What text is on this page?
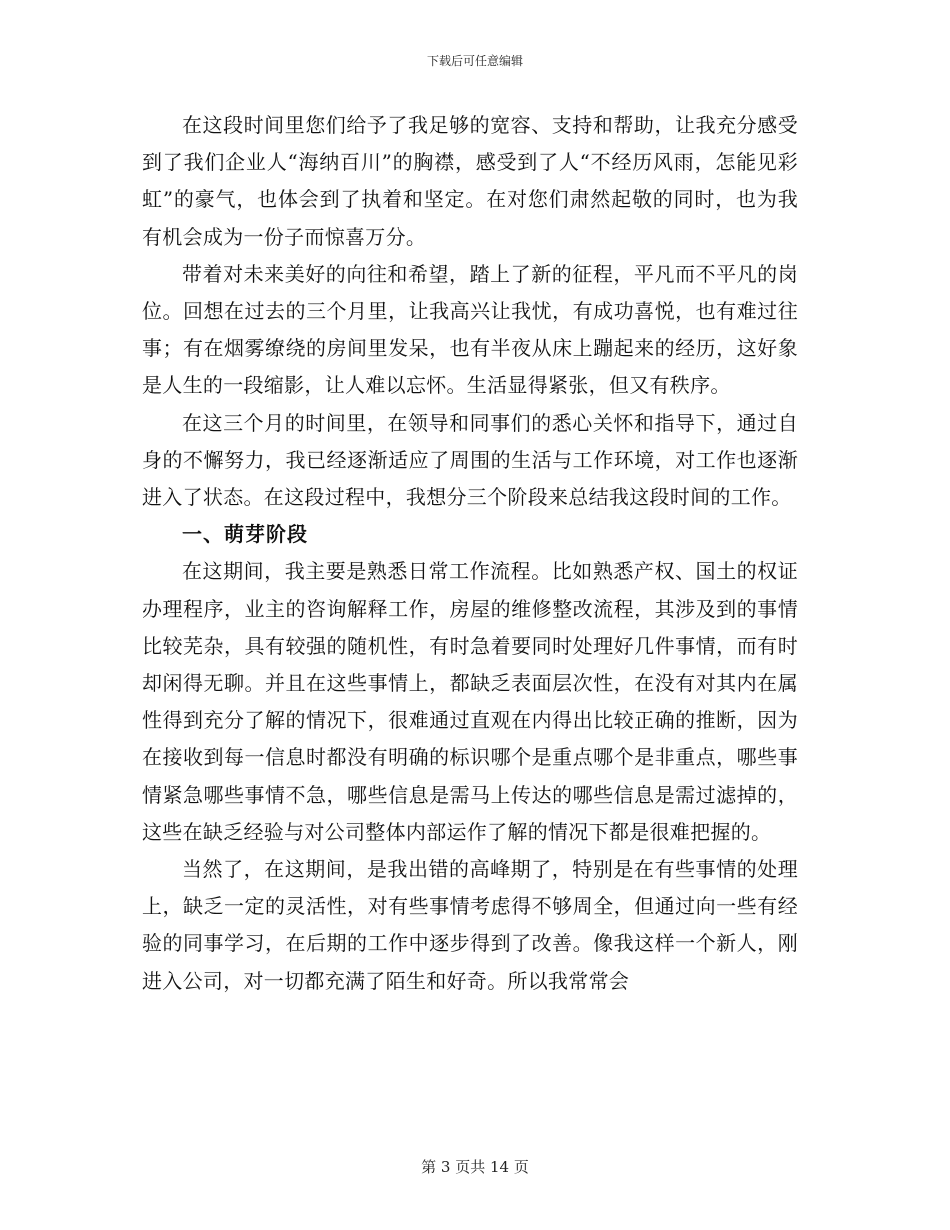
下载后可任意编辑

在这段时间里您们给予了我足够的宽容、支持和帮助，让我充分感受到了我们企业人“海纳百川”的胸襟，感受到了人“不经历风雨，怎能见彩虹”的豪气，也体会到了执着和坚定。在对您们肃然起敬的同时，也为我有机会成为一份子而惊喜万分。

带着对未来美好的向往和希望，踏上了新的征程，平凡而不平凡的岗位。回想在过去的三个月里，让我高兴让我忧，有成功喜悦，也有难过往事；有在烟雾缭绕的房间里发呆，也有半夜从床上蹦起来的经历，这好象是人生的一段缩影，让人难以忘怀。生活显得紧张，但又有秩序。

在这三个月的时间里，在领导和同事们的悉心关怀和指导下，通过自身的不懈努力，我已经逐渐适应了周围的生活与工作环境，对工作也逐渐进入了状态。在这段过程中，我想分三个阶段来总结我这段时间的工作。

一、萌芽阶段

在这期间，我主要是熟悉日常工作流程。比如熟悉产权、国土的权证办理程序，业主的咨询解释工作，房屋的维修整改流程，其涉及到的事情比较芜杂，具有较强的随机性，有时急着要同时处理好几件事情，而有时却闲得无聊。并且在这些事情上，都缺乏表面层次性，在没有对其内在属性得到充分了解的情况下，很难通过直观在内得出比较正确的推断，因为在接收到每一信息时都没有明确的标识哪个是重点哪个是非重点，哪些事情紧急哪些事情不急，哪些信息是需马上传达的哪些信息是需过滤掉的，这些在缺乏经验与对公司整体内部运作了解的情况下都是很难把握的。

当然了，在这期间，是我出错的高峰期了，特别是在有些事情的处理上，缺乏一定的灵活性，对有些事情考虑得不够周全，但通过向一些有经验的同事学习，在后期的工作中逐步得到了改善。像我这样一个新人，刚进入公司，对一切都充满了陌生和好奇。所以我常常会

第 3 页共 14 页
